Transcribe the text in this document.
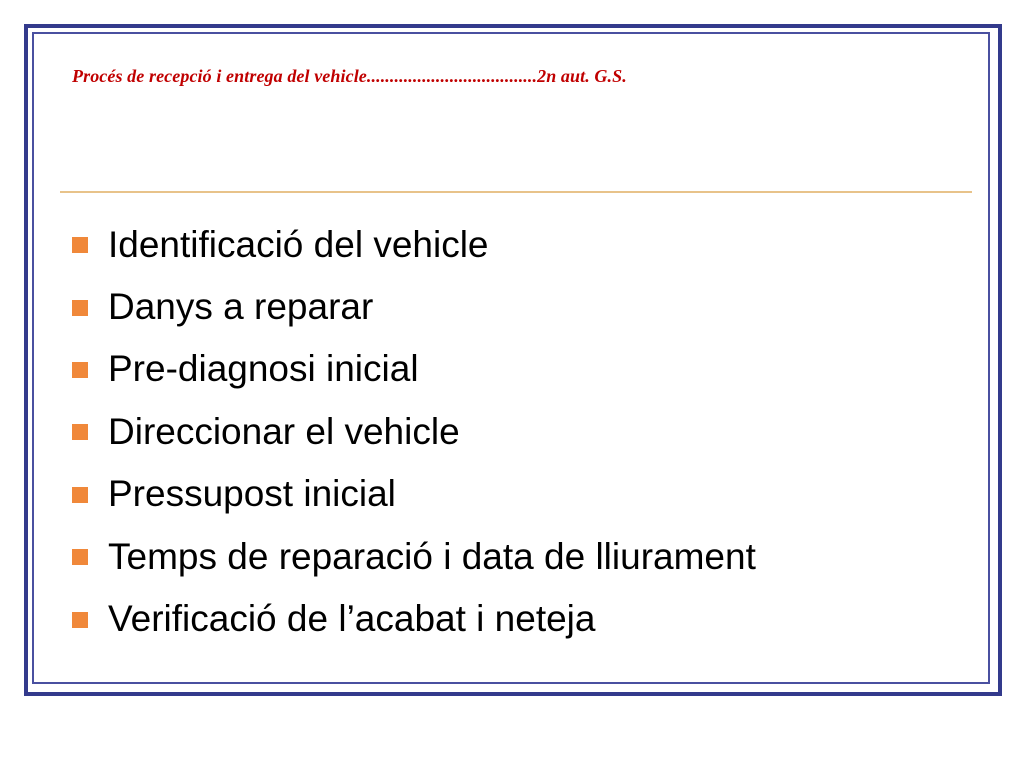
Procés de recepció i entrega del vehicle.....................................2n aut. G.S.
Identificació del vehicle
Danys a reparar
Pre-diagnosi inicial
Direccionar el vehicle
Pressupost inicial
Temps de reparació i data de lliurament
Verificació de l’acabat i neteja
